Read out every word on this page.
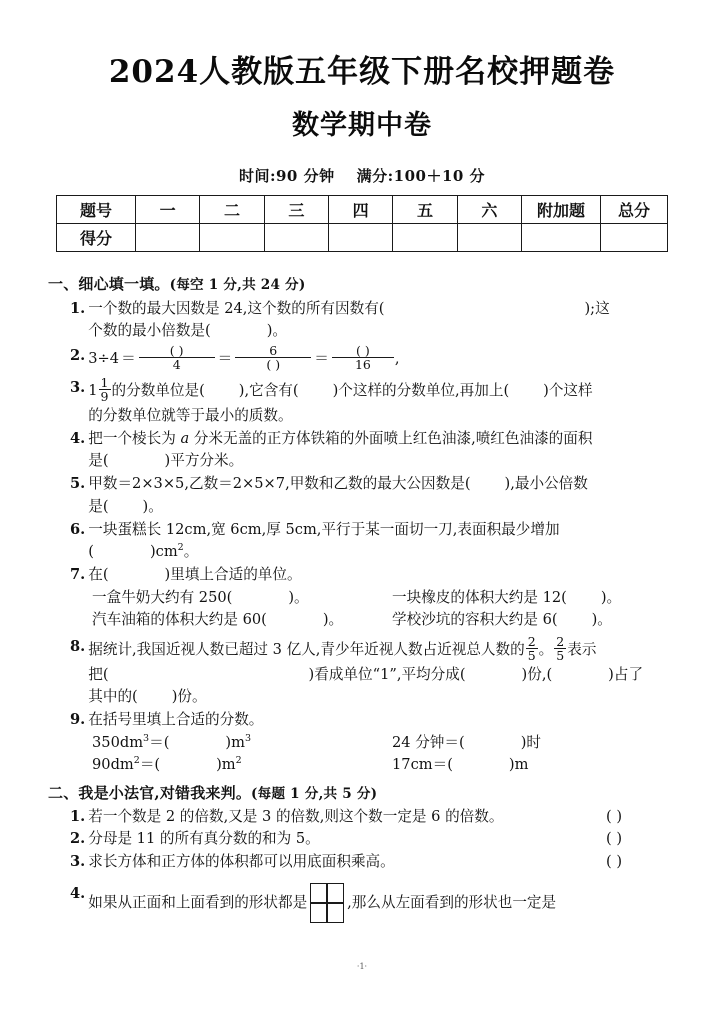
2024人教版五年级下册名校押题卷
数学期中卷

时间:90 分钟 满分:100＋10 分

题号	一	二	三	四	五	六	附加题	总分
得分								
一、细心填一填。(每空 1 分,共 24 分)
1. 一个数的最大因数是 24,这个数的所有因数有(	);这
个数的最小倍数是(	)。
2. $3\div 4 = \frac{( )}{4} = \frac{6}{( )} = \frac{( )}{16}$ ,
3. $1 \frac{1}{9}$ 的分数单位是( ),它含有( )个这样的分数单位,再加上( )个这样
的分数单位就等于最小的质数。
4. 把一个棱长为 a 分米无盖的正方体铁箱的外面喷上红色油漆,喷红色油漆的面积
是(	)平方分米。
5. 甲数＝2×3×5,乙数＝2×5×7,甲数和乙数的最大公因数是( ),最小公倍数
是( )。
6. 一块蛋糕长 12cm,宽 6cm,厚 5cm,平行于某一面切一刀,表面积最少增加
(	)$cm^2$。
7. 在(	)里填上合适的单位。
一盒牛奶大约有 250(	)。	一块橡皮的体积大约是 12( )。
汽车油箱的体积大约是 60(	)。	学校沙坑的容积大约是 6( )。
8. 据统计,我国近视人数已超过 3 亿人,青少年近视人数占近视总人数的 $\frac{2}{5}$ 。 $\frac{2}{5}$ 表示
把(	)看成单位“1”,平均分成(	)份,(	)占了
其中的( )份。
9. 在括号里填上合适的分数。
$350dm^3=$(	)$m^3$	24 分钟＝(	)时
$90dm^2=$(	)$m^2$	17cm＝(	)m
二、我是小法官,对错我来判。(每题 1 分,共 5 分)
1. 若一个数是 2 的倍数,又是 3 的倍数,则这个数一定是 6 的倍数。	( )
2. 分母是 11 的所有真分数的和为 5。	( )
3. 求长方体和正方体的体积都可以用底面积乘高。	( )
4.
如果从正面和上面看到的形状都是	,那么从左面看到的形状也一定是
·1·
